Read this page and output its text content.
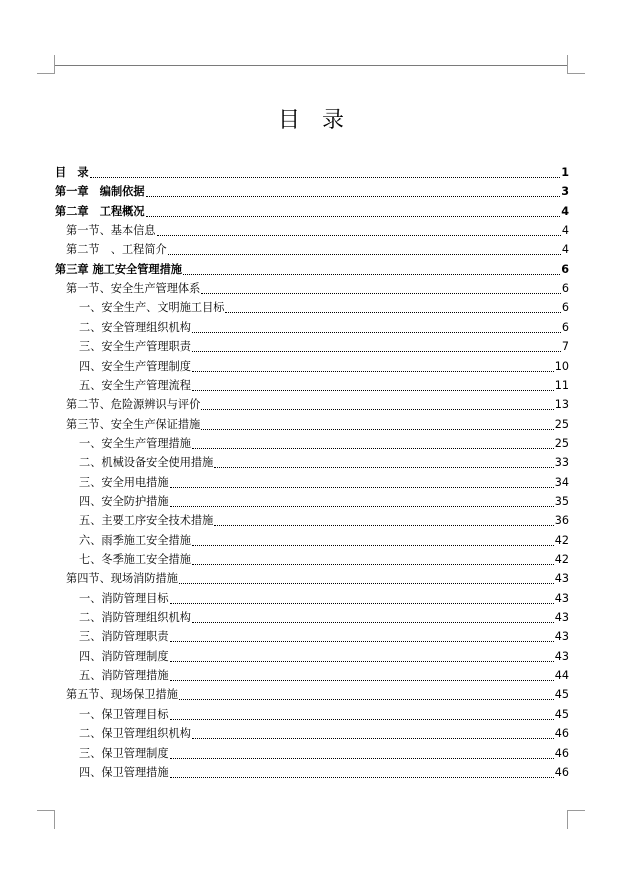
目　录
目　录	1
第一章　编制依据	3
第二章　工程概况	4
第一节、基本信息	4
第二节　、工程简介	4
第三章 施工安全管理措施	6
第一节、安全生产管理体系	6
一、安全生产、文明施工目标	6
二、安全管理组织机构	6
三、安全生产管理职责	7
四、安全生产管理制度	10
五、安全生产管理流程	11
第二节、危险源辨识与评价	13
第三节、安全生产保证措施	25
一、安全生产管理措施	25
二、机械设备安全使用措施	33
三、安全用电措施	34
四、安全防护措施	35
五、主要工序安全技术措施	36
六、雨季施工安全措施	42
七、冬季施工安全措施	42
第四节、现场消防措施	43
一、消防管理目标	43
二、消防管理组织机构	43
三、消防管理职责	43
四、消防管理制度	43
五、消防管理措施	44
第五节、现场保卫措施	45
一、保卫管理目标	45
二、保卫管理组织机构	46
三、保卫管理制度	46
四、保卫管理措施	46
